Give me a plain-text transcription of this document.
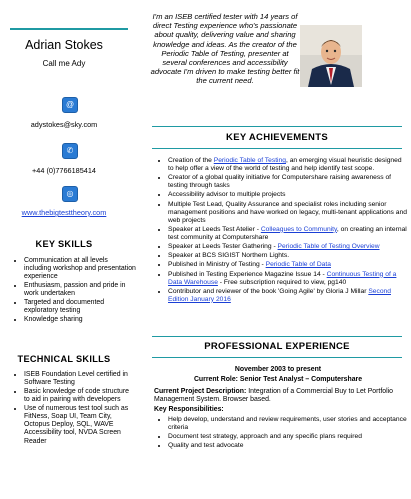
Adrian Stokes
Call me Ady
@
adystokes@sky.com
✆
+44 (0)7766185414
◎
www.thebigtesttheory.com
KEY SKILLS
• Communication at all levels including workshop and presentation experience
• Enthusiasm, passion and pride in work undertaken
• Targeted and documented exploratory testing
• Knowledge sharing
TECHNICAL SKILLS
• ISEB Foundation Level certified in Software Testing
• Basic knowledge of code structure to aid in pairing with developers
• Use of numerous test tool such as FitNess, Soap UI, Team City, Octopus Deploy, SQL, WAVE Accessibility tool, NVDA Screen Reader
I'm an ISEB certified tester with 14 years of direct Testing experience who's passionate about quality, delivering value and sharing knowledge and ideas. As the creator of the Periodic Table of Testing, presenter at several conferences and accessibility advocate I'm driven to make testing better fit the current need.
KEY ACHIEVEMENTS
• Creation of the Periodic Table of Testing, an emerging visual heuristic designed to help offer a view of the world of testing and help identify test scope.
• Creator of a global quality initiative for Computershare raising awareness of testing through tasks
• Accessibility advisor to multiple projects
• Multiple Test Lead, Quality Assurance and specialist roles including senior management positions and have worked on legacy, multi-tenant applications and web projects
• Speaker at Leeds Test Atelier - Colleagues to Community, on creating an internal test community at Computershare
• Speaker at Leeds Tester Gathering - Periodic Table of Testing Overview
• Speaker at BCS SIGIST Northern Lights.
• Published in Ministry of Testing - Periodic Table of Data
• Published in Testing Experience Magazine Issue 14 - Continuous Testing of a Data Warehouse - Free subscription required to view, pg140
• Contributor and reviewer of the book 'Going Agile' by Gloria J Millar Second Edition January 2016
PROFESSIONAL EXPERIENCE
November 2003 to present
Current Role: Senior Test Analyst – Computershare
Current Project Description: Integration of a Commercial Buy to Let Portfolio Management System. Browser based.
Key Responsibilities:
• Help develop, understand and review requirements, user stories and acceptance criteria
• Document test strategy, approach and any specific plans required
• Quality and test advocate
